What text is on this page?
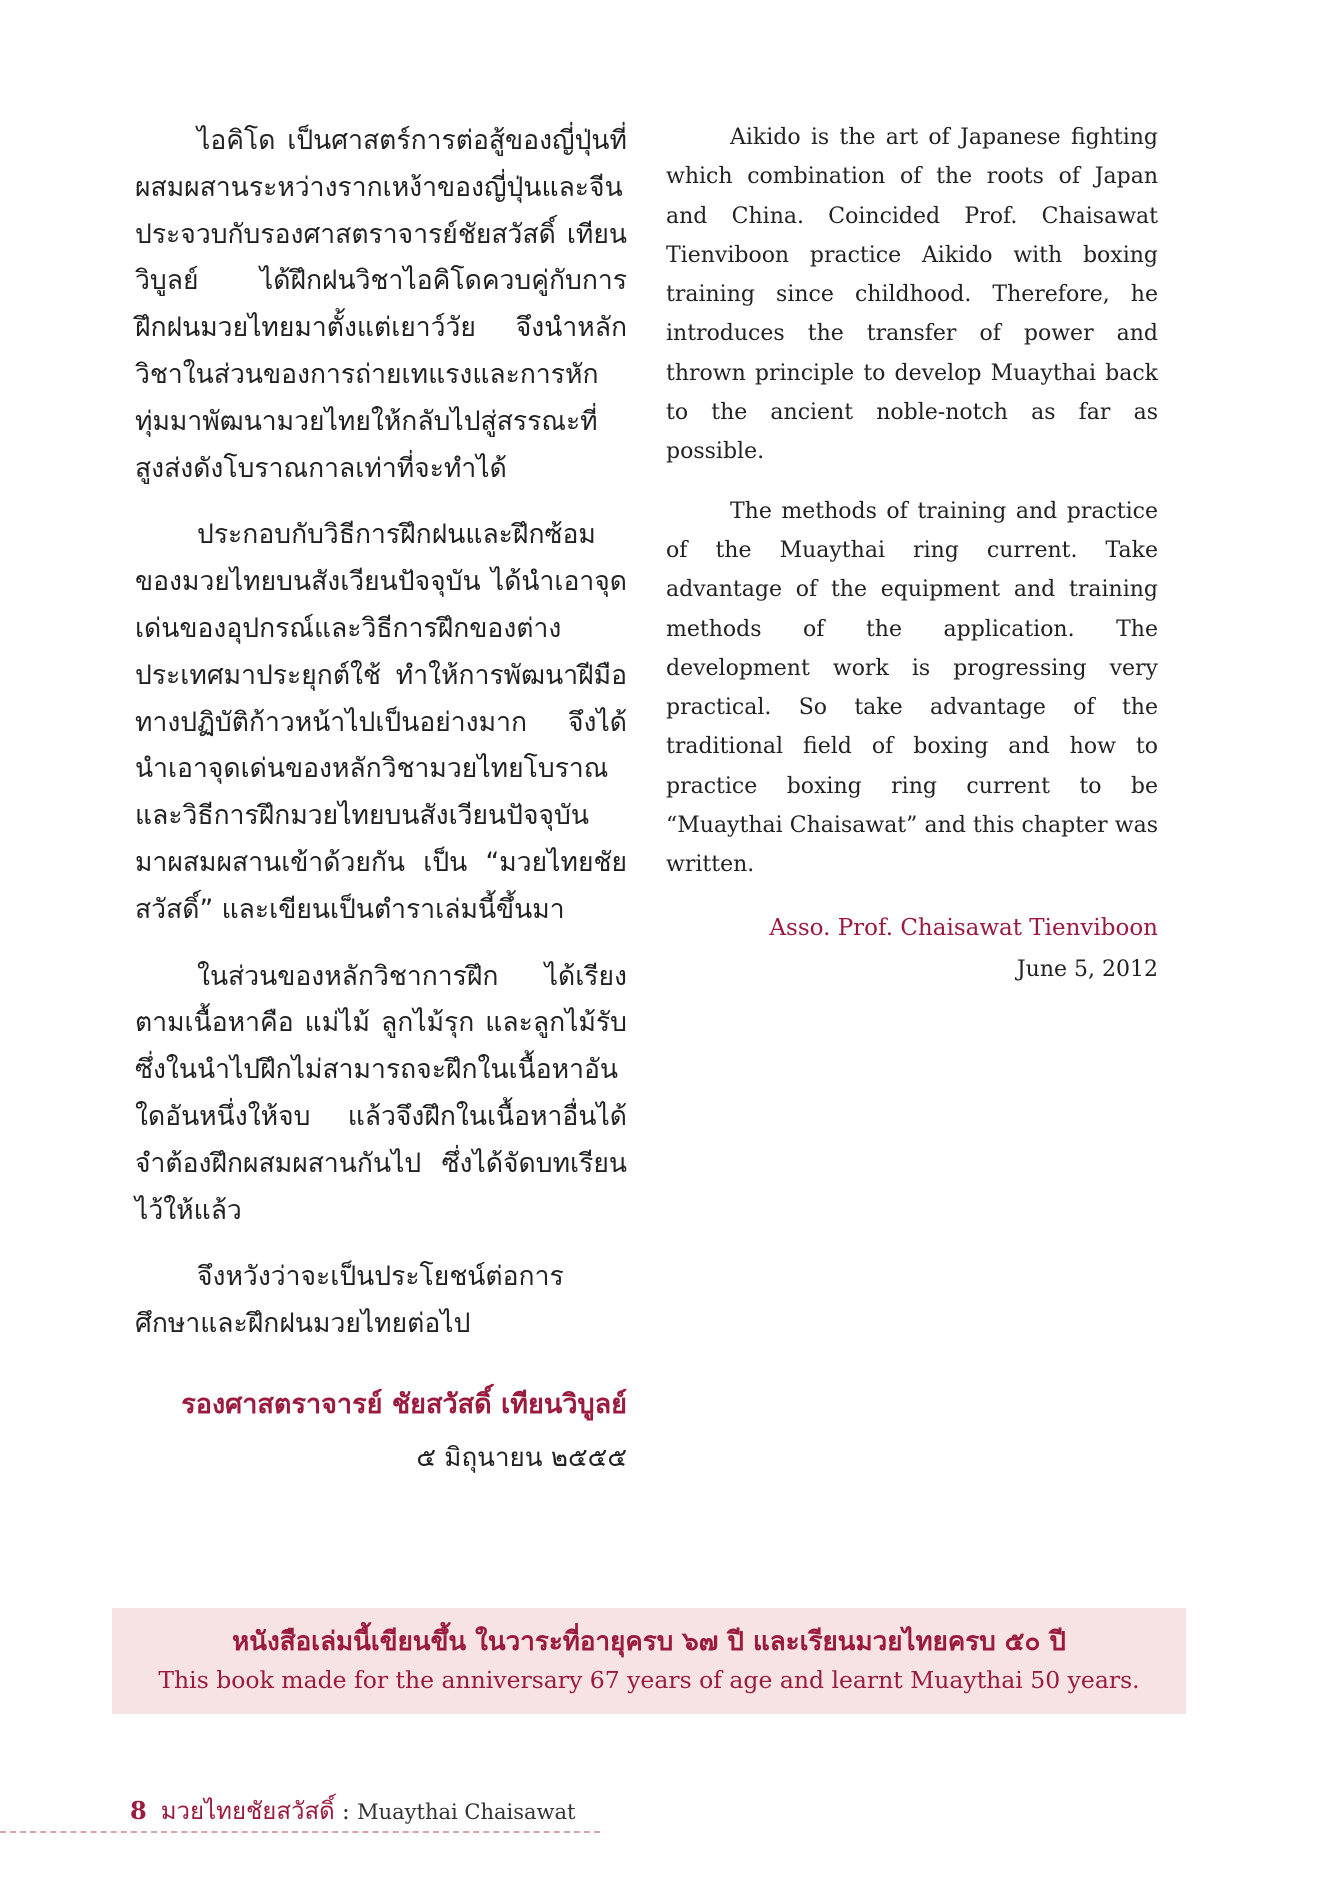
ไอคิโด เป็นศาสตร์การต่อสู้ของญี่ปุ่นที่ผสมผสานระหว่างรากเหง้าของญี่ปุ่นและจีน ประจวบกับรองศาสตราจารย์ชัยสวัสดิ์ เทียนวิบูลย์ ได้ฝึกฝนวิชาไอคิโดควบคู่กับการฝึกฝนมวยไทยมาตั้งแต่เยาว์วัย จึงนำหลักวิชาในส่วนของการถ่ายเทแรงและการหักทุ่มมาพัฒนามวยไทยให้กลับไปสู่สรรณะที่สูงส่งดังโบราณกาลเท่าที่จะทำได้

ประกอบกับวิธีการฝึกฝนและฝึกซ้อมของมวยไทยบนสังเวียนปัจจุบัน ได้นำเอาจุดเด่นของอุปกรณ์และวิธีการฝึกของต่างประเทศมาประยุกต์ใช้ ทำให้การพัฒนาฝีมือทางปฏิบัติก้าวหน้าไปเป็นอย่างมาก จึงได้นำเอาจุดเด่นของหลักวิชามวยไทยโบราณ และวิธีการฝึกมวยไทยบนสังเวียนปัจจุบัน มาผสมผสานเข้าด้วยกัน เป็น “มวยไทยชัยสวัสดิ์” และเขียนเป็นตำราเล่มนี้ขึ้นมา

ในส่วนของหลักวิชาการฝึก ได้เรียงตามเนื้อหาคือ แม่ไม้ ลูกไม้รุก และลูกไม้รับ ซึ่งในนำไปฝึกไม่สามารถจะฝึกในเนื้อหาอันใดอันหนึ่งให้จบ แล้วจึงฝึกในเนื้อหาอื่นได้ จำต้องฝึกผสมผสานกันไป ซึ่งได้จัดบทเรียนไว้ให้แล้ว

จึงหวังว่าจะเป็นประโยชน์ต่อการศึกษาและฝึกฝนมวยไทยต่อไป

รองศาสตราจารย์ ชัยสวัสดิ์ เทียนวิบูลย์
๕ มิถุนายน ๒๕๕๕

Aikido is the art of Japanese fighting which combination of the roots of Japan and China. Coincided Prof. Chaisawat Tienviboon practice Aikido with boxing training since childhood. Therefore, he introduces the transfer of power and thrown principle to develop Muaythai back to the ancient noble-notch as far as possible.

The methods of training and practice of the Muaythai ring current. Take advantage of the equipment and training methods of the application. The development work is progressing very practical. So take advantage of the traditional field of boxing and how to practice boxing ring current to be “Muaythai Chaisawat” and this chapter was written.

Asso. Prof. Chaisawat Tienviboon
June 5, 2012
หนังสือเล่มนี้เขียนขึ้น ในวาระที่อายุครบ ๖๗ ปี และเรียนมวยไทยครบ ๕๐ ปี
This book made for the anniversary 67 years of age and learnt Muaythai 50 years.
8 มวยไทยชัยสวัสดิ์ : Muaythai Chaisawat
